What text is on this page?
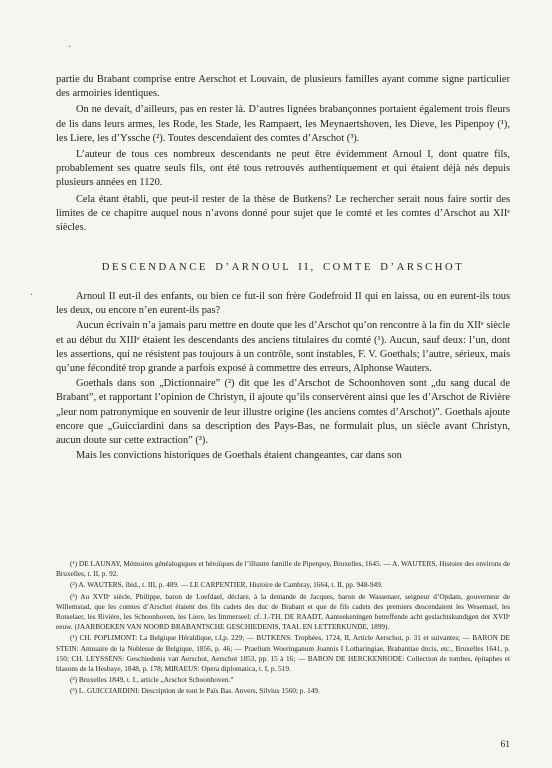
·
·

partie du Brabant comprise entre Aerschot et Louvain, de plusieurs familles ayant comme signe particulier des armoiries identiques.

On ne devait, d’ailleurs, pas en rester là. D’autres lignées brabançonnes portaient également trois fleurs de lis dans leurs armes, les Rode, les Stade, les Rampaert, les Meynaertshoven, les Dieve, les Pipenpoy (¹), les Liere, les d’Yssche (²). Toutes descendaient des comtes d’Arschot (³).

L’auteur de tous ces nombreux descendants ne peut être évidemment Arnoul I, dont quatre fils, probablement ses quatre seuls fils, ont été tous retrouvés authentiquement et qui étaient déjà nés depuis plusieurs années en 1120.

Cela étant établi, que peut-il rester de la thèse de Butkens? Le rechercher serait nous faire sortir des limites de ce chapitre auquel nous n’avons donné pour sujet que le comté et les comtes d’Arschot au XIIᵉ siècles.

DESCENDANCE D’ARNOUL II, COMTE D’ARSCHOT

Arnoul II eut-il des enfants, ou bien ce fut-il son frère Godefroid II qui en laissa, ou en eurent-ils tous les deux, ou encore n’en eurent-ils pas?

Aucun écrivain n’a jamais paru mettre en doute que les d’Arschot qu’on rencontre à la fin du XIIᵉ siècle et au début du XIIIᵉ étaient les descendants des anciens titulaires du comté (¹). Aucun, sauf deux: l’un, dont les assertions, qui ne résistent pas toujours à un contrôle, sont instables, F. V. Goethals; l’autre, sérieux, mais qu’une fécondité trop grande a parfois exposé à commettre des erreurs, Alphonse Wauters.

Goethals dans son „Dictionnaire” (²) dit que les d’Arschot de Schoonhoven sont „du sang ducal de Brabant”, et rapportant l’opinion de Christyn, il ajoute qu’ils conservèrent ainsi que les d’Arschot de Rivière „leur nom patronymique en souvenir de leur illustre origine (les anciens comtes d’Arschot)”. Goethals ajoute encore que „Guicciardini dans sa description des Pays-Bas, ne formulait plus, un siècle avant Christyn, aucun doute sur cette extraction” (³).

Mais les convictions historiques de Goethals étaient changeantes, car dans son

(¹) DE LAUNAY, Mémoires généalogiques et héroïques de l’illustre famille de Pipenpoy, Bruxelles, 1645. — A. WAUTERS, Histoire des environs de Bruxelles, t. II, p. 92.

(²) A. WAUTERS, ibid., t. III, p. 489. — LE CARPENTIER, Histoire de Cambray, 1664, t. II, pp. 948-949.

(³) Au XVIIᵉ siècle, Philippe, baron de Loefdael, déclare, à la demande de Jacques, baron de Wassenaer, seigneur d’Opdam, gouverneur de Willemstad, que les comtes d’Arschot étaient des fils cadets des duc de Brabant et que de fils cadets des premiers descendaient les Wesemael, les Rotselaer, les Rivière, les Schoonhoven, les Liere, les Immerseel; cf. J.-TH. DE RAADT, Aanteekeningen betreffende acht geslachtskundigen der XVIIᵉ eeuw. (JAARBOEKEN VAN NOORD BRABANTSCHE GESCHIEDENIS, TAAL EN LETTERKUNDE, 1899).

(¹) CH. POPLIMONT: La Belgique Héraldique, t.I,p. 229; — BUTKENS: Trophées, 1724, II, Article Aerschot, p. 31 et suivantes; — BARON DE STEIN: Annuaire de la Noblesse de Belgique, 1856, p. 46; — Praelium Woeringanum Joannis I Lotharingiae, Brabantiae ducis, etc., Bruxelles 1641, p. 150; CH. LEYSSENS: Geschiedenis van Aerschot, Aerschot 1853, pp. 15 à 16; — BARON DE HERCKENRODE: Collection de tombes, épitaphes et blasons de la Hesbaye, 1848, p. 178; MIRAEUS: Opera diplomatica, t. I, p. 519.

(²) Bruxelles 1849, t. I., article „Arschot Schoonhoven.”

(³) L. GUICCIARDINI: Description de tout le Païs Bas. Anvers, Silvius 1560; p. 149.

61
